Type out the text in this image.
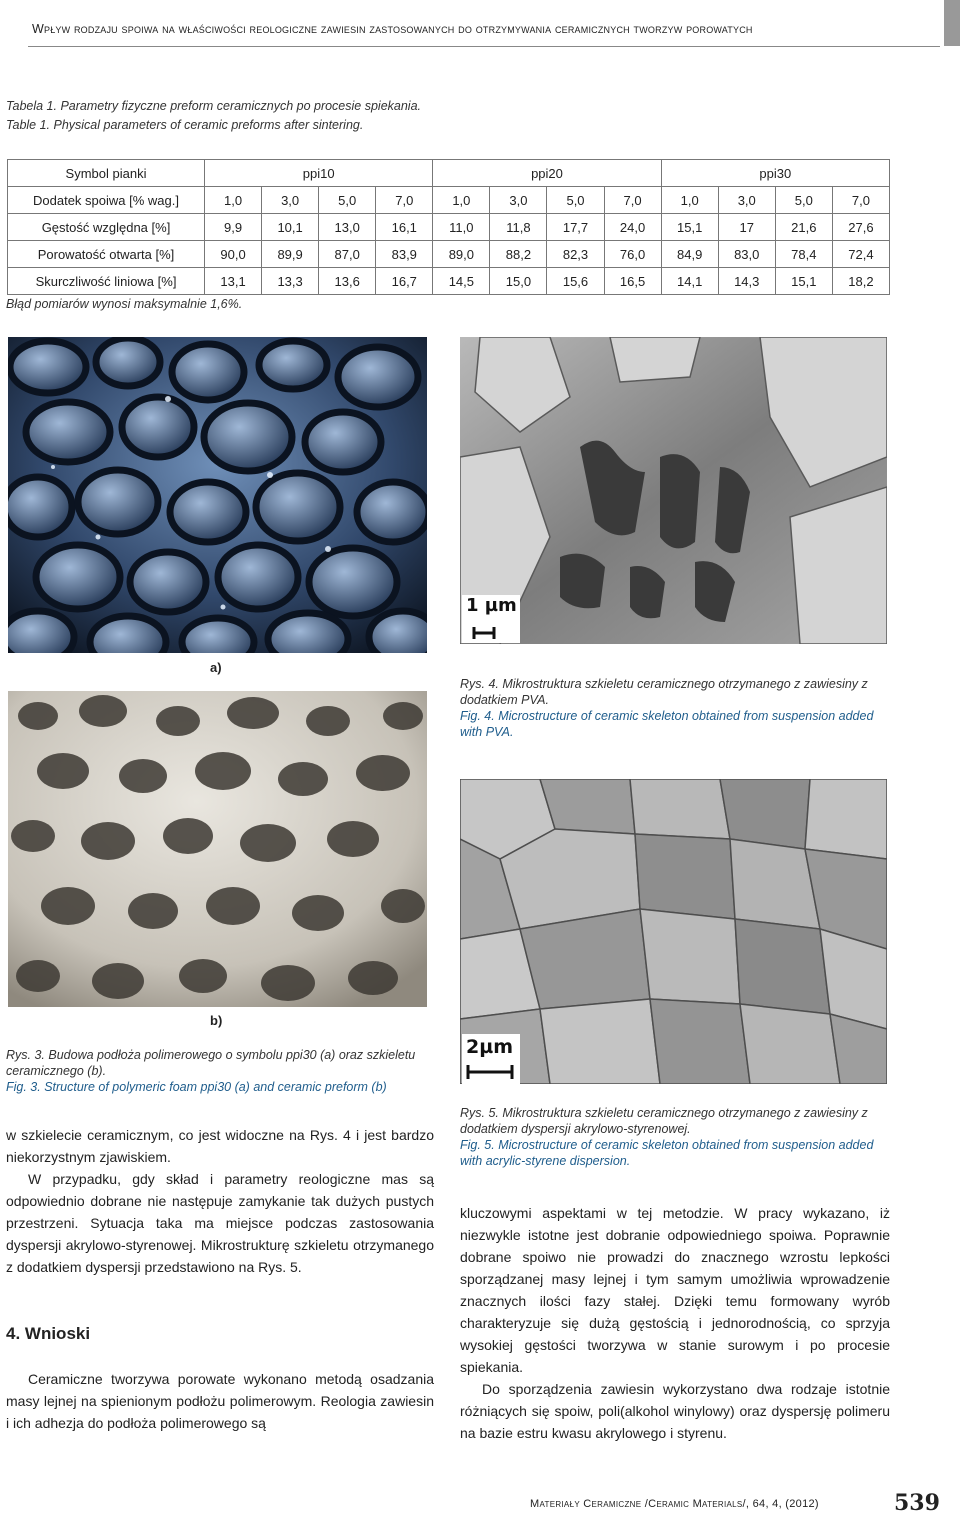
Wpływ rodzaju spoiwa na właściwości reologiczne zawiesin zastosowanych do otrzymywania ceramicznych tworzyw porowatych
Tabela 1. Parametry fizyczne preform ceramicznych po procesie spiekania.
Table 1. Physical parameters of ceramic preforms after sintering.
Symbol pianki	ppi10				ppi20				ppi30			
Dodatek spoiwa [% wag.]	1,0	3,0	5,0	7,0	1,0	3,0	5,0	7,0	1,0	3,0	5,0	7,0
Gęstość względna [%]	9,9	10,1	13,0	16,1	11,0	11,8	17,7	24,0	15,1	17	21,6	27,6
Porowatość otwarta [%]	90,0	89,9	87,0	83,9	89,0	88,2	82,3	76,0	84,9	83,0	78,4	72,4
Skurczliwość liniowa [%]	13,1	13,3	13,6	16,7	14,5	15,0	15,6	16,5	14,1	14,3	15,1	18,2
Błąd pomiarów wynosi maksymalnie 1,6%.
a)
b)
Rys. 3. Budowa podłoża polimerowego o symbolu ppi30 (a) oraz szkieletu ceramicznego (b).
Fig. 3. Structure of polymeric foam ppi30 (a) and ceramic preform (b)
1 µm
Rys. 4. Mikrostruktura szkieletu ceramicznego otrzymanego z zawiesiny z dodatkiem PVA.
Fig. 4. Microstructure of ceramic skeleton obtained from suspension added with PVA.
2µm
Rys. 5. Mikrostruktura szkieletu ceramicznego otrzymanego z zawiesiny z dodatkiem dyspersji akrylowo-styrenowej.
Fig. 5. Microstructure of ceramic skeleton obtained from suspension added with acrylic-styrene dispersion.

w szkielecie ceramicznym, co jest widoczne na Rys. 4 i jest bardzo niekorzystnym zjawiskiem.

W przypadku, gdy skład i parametry reologiczne mas są odpowiednio dobrane nie następuje zamykanie tak dużych pustych przestrzeni. Sytuacja taka ma miejsce podczas zastosowania dyspersji akrylowo-styrenowej. Mikrostrukturę szkieletu otrzymanego z dodatkiem dyspersji przedstawiono na Rys. 5.

4. Wnioski

Ceramiczne tworzywa porowate wykonano metodą osadzania masy lejnej na spienionym podłożu polimerowym. Reologia zawiesin i ich adhezja do podłoża polimerowego są

kluczowymi aspektami w tej metodzie. W pracy wykazano, iż niezwykle istotne jest dobranie odpowiedniego spoiwa. Poprawnie dobrane spoiwo nie prowadzi do znacznego wzrostu lepkości sporządzanej masy lejnej i tym samym umożliwia wprowadzenie znacznych ilości fazy stałej. Dzięki temu formowany wyrób charakteryzuje się dużą gęstością i jednorodnością, co sprzyja wysokiej gęstości tworzywa w stanie surowym i po procesie spiekania.

Do sporządzenia zawiesin wykorzystano dwa rodzaje istotnie różniących się spoiw, poli(alkohol winylowy) oraz dyspersję polimeru na bazie estru kwasu akrylowego i styrenu.

Materiały Ceramiczne /Ceramic Materials/, 64, 4, (2012)	539
